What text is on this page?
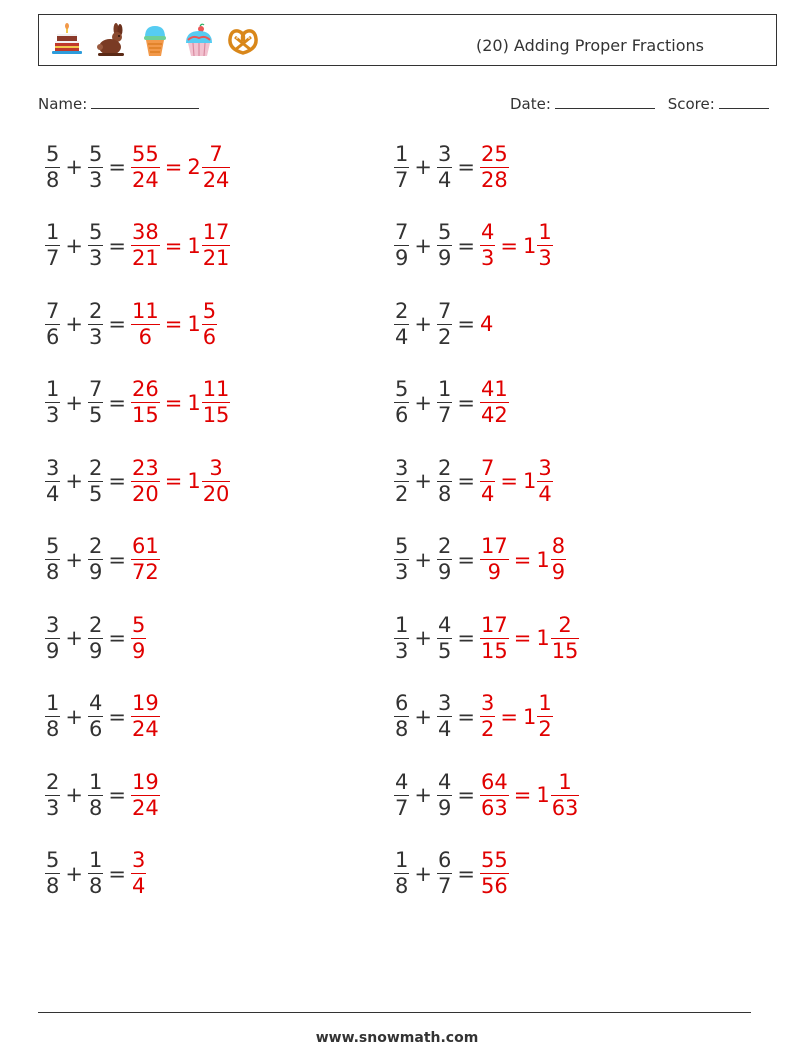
(20) Adding Proper Fractions
Name:	Date:	Score:
$\frac{5}{8} + \frac{5}{3} = \frac{55}{24} = 2 \frac{7}{24}$	$\frac{1}{7} + \frac{3}{4} = \frac{25}{28}$
$\frac{1}{7} + \frac{5}{3} = \frac{38}{21} = 1 \frac{17}{21}$	$\frac{7}{9} + \frac{5}{9} = \frac{4}{3} = 1 \frac{1}{3}$
$\frac{7}{6} + \frac{2}{3} = \frac{11}{6} = 1 \frac{5}{6}$	$\frac{2}{4} + \frac{7}{2} = 4$
$\frac{1}{3} + \frac{7}{5} = \frac{26}{15} = 1 \frac{11}{15}$	$\frac{5}{6} + \frac{1}{7} = \frac{41}{42}$
$\frac{3}{4} + \frac{2}{5} = \frac{23}{20} = 1 \frac{3}{20}$	$\frac{3}{2} + \frac{2}{8} = \frac{7}{4} = 1 \frac{3}{4}$
$\frac{5}{8} + \frac{2}{9} = \frac{61}{72}$	$\frac{5}{3} + \frac{2}{9} = \frac{17}{9} = 1 \frac{8}{9}$
$\frac{3}{9} + \frac{2}{9} = \frac{5}{9}$	$\frac{1}{3} + \frac{4}{5} = \frac{17}{15} = 1 \frac{2}{15}$
$\frac{1}{8} + \frac{4}{6} = \frac{19}{24}$	$\frac{6}{8} + \frac{3}{4} = \frac{3}{2} = 1 \frac{1}{2}$
$\frac{2}{3} + \frac{1}{8} = \frac{19}{24}$	$\frac{4}{7} + \frac{4}{9} = \frac{64}{63} = 1 \frac{1}{63}$
$\frac{5}{8} + \frac{1}{8} = \frac{3}{4}$	$\frac{1}{8} + \frac{6}{7} = \frac{55}{56}$
www.snowmath.com
